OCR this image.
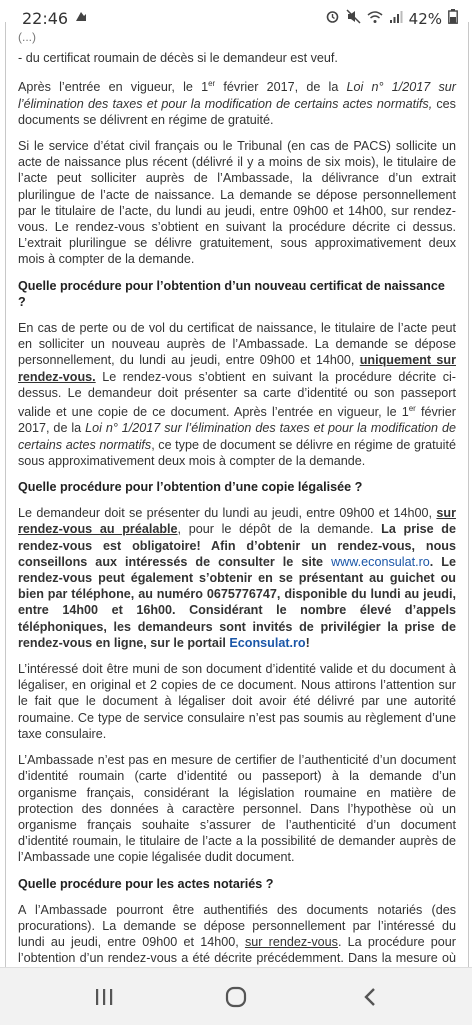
22:46	42%
(...)

- du certificat roumain de décès si le demandeur est veuf.

Après l’entrée en vigueur, le 1er février 2017, de la Loi n° 1/2017 sur l’élimination des taxes et pour la modification de certains actes normatifs, ces documents se délivrent en régime de gratuité.

Si le service d’état civil français ou le Tribunal (en cas de PACS) sollicite un acte de naissance plus récent (délivré il y a moins de six mois), le titulaire de l’acte peut solliciter auprès de l’Ambassade, la délivrance d’un extrait plurilingue de l’acte de naissance. La demande se dépose personnellement par le titulaire de l’acte, du lundi au jeudi, entre 09h00 et 14h00, sur rendez-vous. Le rendez-vous s’obtient en suivant la procédure décrite ci dessus. L’extrait plurilingue se délivre gratuitement, sous approximativement deux mois à compter de la demande.

Quelle procédure pour l’obtention d’un nouveau certificat de naissance ?

En cas de perte ou de vol du certificat de naissance, le titulaire de l’acte peut en solliciter un nouveau auprès de l’Ambassade. La demande se dépose personnellement, du lundi au jeudi, entre 09h00 et 14h00, uniquement sur rendez-vous. Le rendez-vous s’obtient en suivant la procédure décrite ci-dessus. Le demandeur doit présenter sa carte d’identité ou son passeport valide et une copie de ce document. Après l’entrée en vigueur, le 1er février 2017, de la Loi n° 1/2017 sur l’élimination des taxes et pour la modification de certains actes normatifs, ce type de document se délivre en régime de gratuité sous approximativement deux mois à compter de la demande.

Quelle procédure pour l’obtention d’une copie légalisée ?

Le demandeur doit se présenter du lundi au jeudi, entre 09h00 et 14h00, sur rendez-vous au préalable, pour le dépôt de la demande. La prise de rendez-vous est obligatoire! Afin d’obtenir un rendez-vous, nous conseillons aux intéressés de consulter le site www.econsulat.ro. Le rendez-vous peut également s’obtenir en se présentant au guichet ou bien par téléphone, au numéro 0675776747, disponible du lundi au jeudi, entre 14h00 et 16h00. Considérant le nombre élevé d’appels téléphoniques, les demandeurs sont invités de privilégier la prise de rendez-vous en ligne, sur le portail Econsulat.ro!

L’intéressé doit être muni de son document d’identité valide et du document à légaliser, en original et 2 copies de ce document. Nous attirons l’attention sur le fait que le document à légaliser doit avoir été délivré par une autorité roumaine. Ce type de service consulaire n’est pas soumis au règlement d’une taxe consulaire.

L’Ambassade n’est pas en mesure de certifier de l’authenticité d’un document d’identité roumain (carte d’identité ou passeport) à la demande d’un organisme français, considérant la législation roumaine en matière de protection des données à caractère personnel. Dans l’hypothèse où un organisme français souhaite s’assurer de l’authenticité d’un document d’identité roumain, le titulaire de l’acte a la possibilité de demander auprès de l’Ambassade une copie légalisée dudit document.

Quelle procédure pour les actes notariés ?

A l’Ambassade pourront être authentifiés des documents notariés (des procurations). La demande se dépose personnellement par l’intéressé du lundi au jeudi, entre 09h00 et 14h00, sur rendez-vous. La procédure pour l’obtention d’un rendez-vous a été décrite précédemment. Dans la mesure où
